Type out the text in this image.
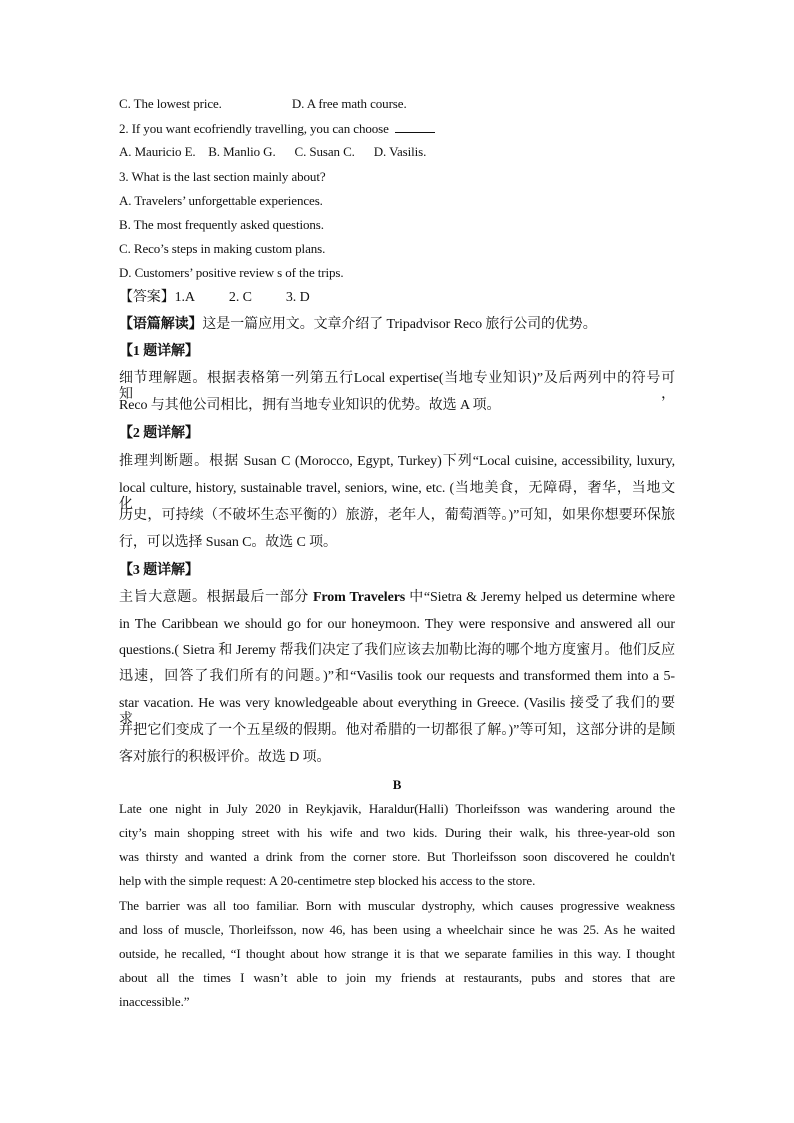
C. The lowest price.	D. A free math course.
2. If you want ecofriendly travelling, you can choose
A. Mauricio E. B. Manlio G. C. Susan C. D. Vasilis.
3. What is the last section mainly about?
A. Travelers’ unforgettable experiences.
B. The most frequently asked questions.
C. Reco’s steps in making custom plans.
D. Customers’ positive review s of the trips.
【答案】1.A 2. C 3. D
【语篇解读】这是一篇应用文。文章介绍了 Tripadvisor Reco 旅行公司的优势。
【1 题详解】
细节理解题。根据表格第一列第五行Local expertise(当地专业知识)”及后两列中的符号可知，
Reco 与其他公司相比，拥有当地专业知识的优势。故选 A 项。
【2 题详解】
推理判断题。根据 Susan C (Morocco, Egypt, Turkey)下列“Local cuisine, accessibility, luxury,
local culture, history, sustainable travel, seniors, wine, etc. (当地美食，无障碍，奢华，当地文化，
历史，可持续（不破坏生态平衡的）旅游，老年人，葡萄酒等。)”可知，如果你想要环保旅
行，可以选择 Susan C。故选 C 项。
【3 题详解】
主旨大意题。根据最后一部分 From Travelers 中“Sietra & Jeremy helped us determine where
in The Caribbean we should go for our honeymoon. They were responsive and answered all our
questions.( Sietra 和 Jeremy 帮我们决定了我们应该去加勒比海的哪个地方度蜜月。他们反应
迅速，回答了我们所有的问题。)”和“Vasilis took our requests and transformed them into a 5-
star vacation. He was very knowledgeable about everything in Greece. (Vasilis 接受了我们的要求，
并把它们变成了一个五星级的假期。他对希腊的一切都很了解。)”等可知，这部分讲的是顾
客对旅行的积极评价。故选 D 项。
B
Late one night in July 2020 in Reykjavik, Haraldur(Halli) Thorleifsson was wandering around the
city’s main shopping street with his wife and two kids. During their walk, his three-year-old son
was thirsty and wanted a drink from the corner store. But Thorleifsson soon discovered he couldn't
help with the simple request: A 20-centimetre step blocked his access to the store.
The barrier was all too familiar. Born with muscular dystrophy, which causes progressive weakness
and loss of muscle, Thorleifsson, now 46, has been using a wheelchair since he was 25. As he waited
outside, he recalled, “I thought about how strange it is that we separate families in this way. I thought
about all the times I wasn’t able to join my friends at restaurants, pubs and stores that are
inaccessible.”
